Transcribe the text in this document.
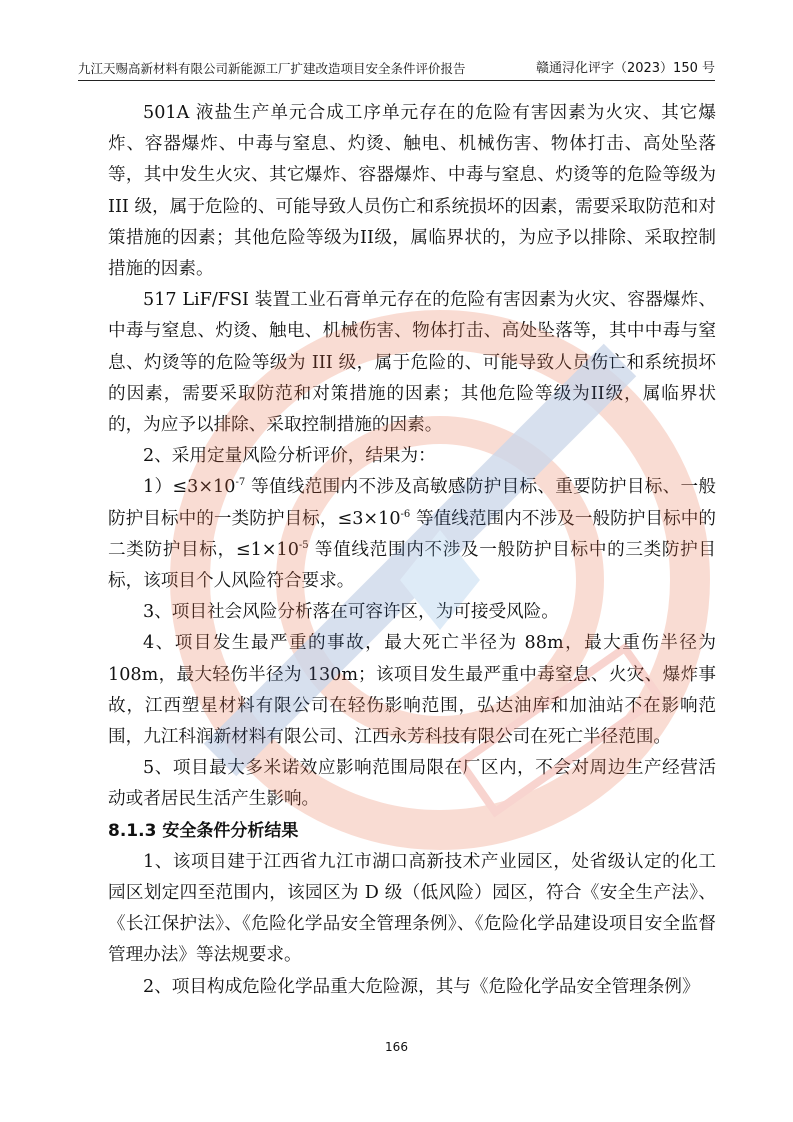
九江天赐高新材料有限公司新能源工厂扩建改造项目安全条件评价报告	赣通浔化评字（2023）150 号

501A 液盐生产单元合成工序单元存在的危险有害因素为火灾、其它爆炸、容器爆炸、中毒与窒息、灼烫、触电、机械伤害、物体打击、高处坠落等，其中发生火灾、其它爆炸、容器爆炸、中毒与窒息、灼烫等的危险等级为 III 级，属于危险的、可能导致人员伤亡和系统损坏的因素，需要采取防范和对策措施的因素；其他危险等级为II级，属临界状的，为应予以排除、采取控制措施的因素。

517 LiF/FSI 装置工业石膏单元存在的危险有害因素为火灾、容器爆炸、中毒与窒息、灼烫、触电、机械伤害、物体打击、高处坠落等，其中中毒与窒息、灼烫等的危险等级为 III 级，属于危险的、可能导致人员伤亡和系统损坏的因素，需要采取防范和对策措施的因素；其他危险等级为II级，属临界状的，为应予以排除、采取控制措施的因素。

2、采用定量风险分析评价，结果为：

$1)\le 3\times 10^{-7}$ 等值线范围内不涉及高敏感防护目标、重要防护目标、一般防护目标中的一类防护目标，$\le 3\times 10^{-6}$ 等值线范围内不涉及一般防护目标中的二类防护目标，$\le 1\times 10^{-5}$ 等值线范围内不涉及一般防护目标中的三类防护目标，该项目个人风险符合要求。

3、项目社会风险分析落在可容许区，为可接受风险。

4、项目发生最严重的事故，最大死亡半径为 88m，最大重伤半径为 108m，最大轻伤半径为 130m；该项目发生最严重中毒窒息、火灾、爆炸事故，江西塑星材料有限公司在轻伤影响范围，弘达油库和加油站不在影响范围，九江科润新材料有限公司、江西永芳科技有限公司在死亡半径范围。

5、项目最大多米诺效应影响范围局限在厂区内，不会对周边生产经营活动或者居民生活产生影响。

8.1.3 安全条件分析结果

1、该项目建于江西省九江市湖口高新技术产业园区，处省级认定的化工园区划定四至范围内，该园区为 D 级（低风险）园区，符合《安全生产法》、《长江保护法》、《危险化学品安全管理条例》、《危险化学品建设项目安全监督管理办法》等法规要求。

2、项目构成危险化学品重大危险源，其与《危险化学品安全管理条例》

166
